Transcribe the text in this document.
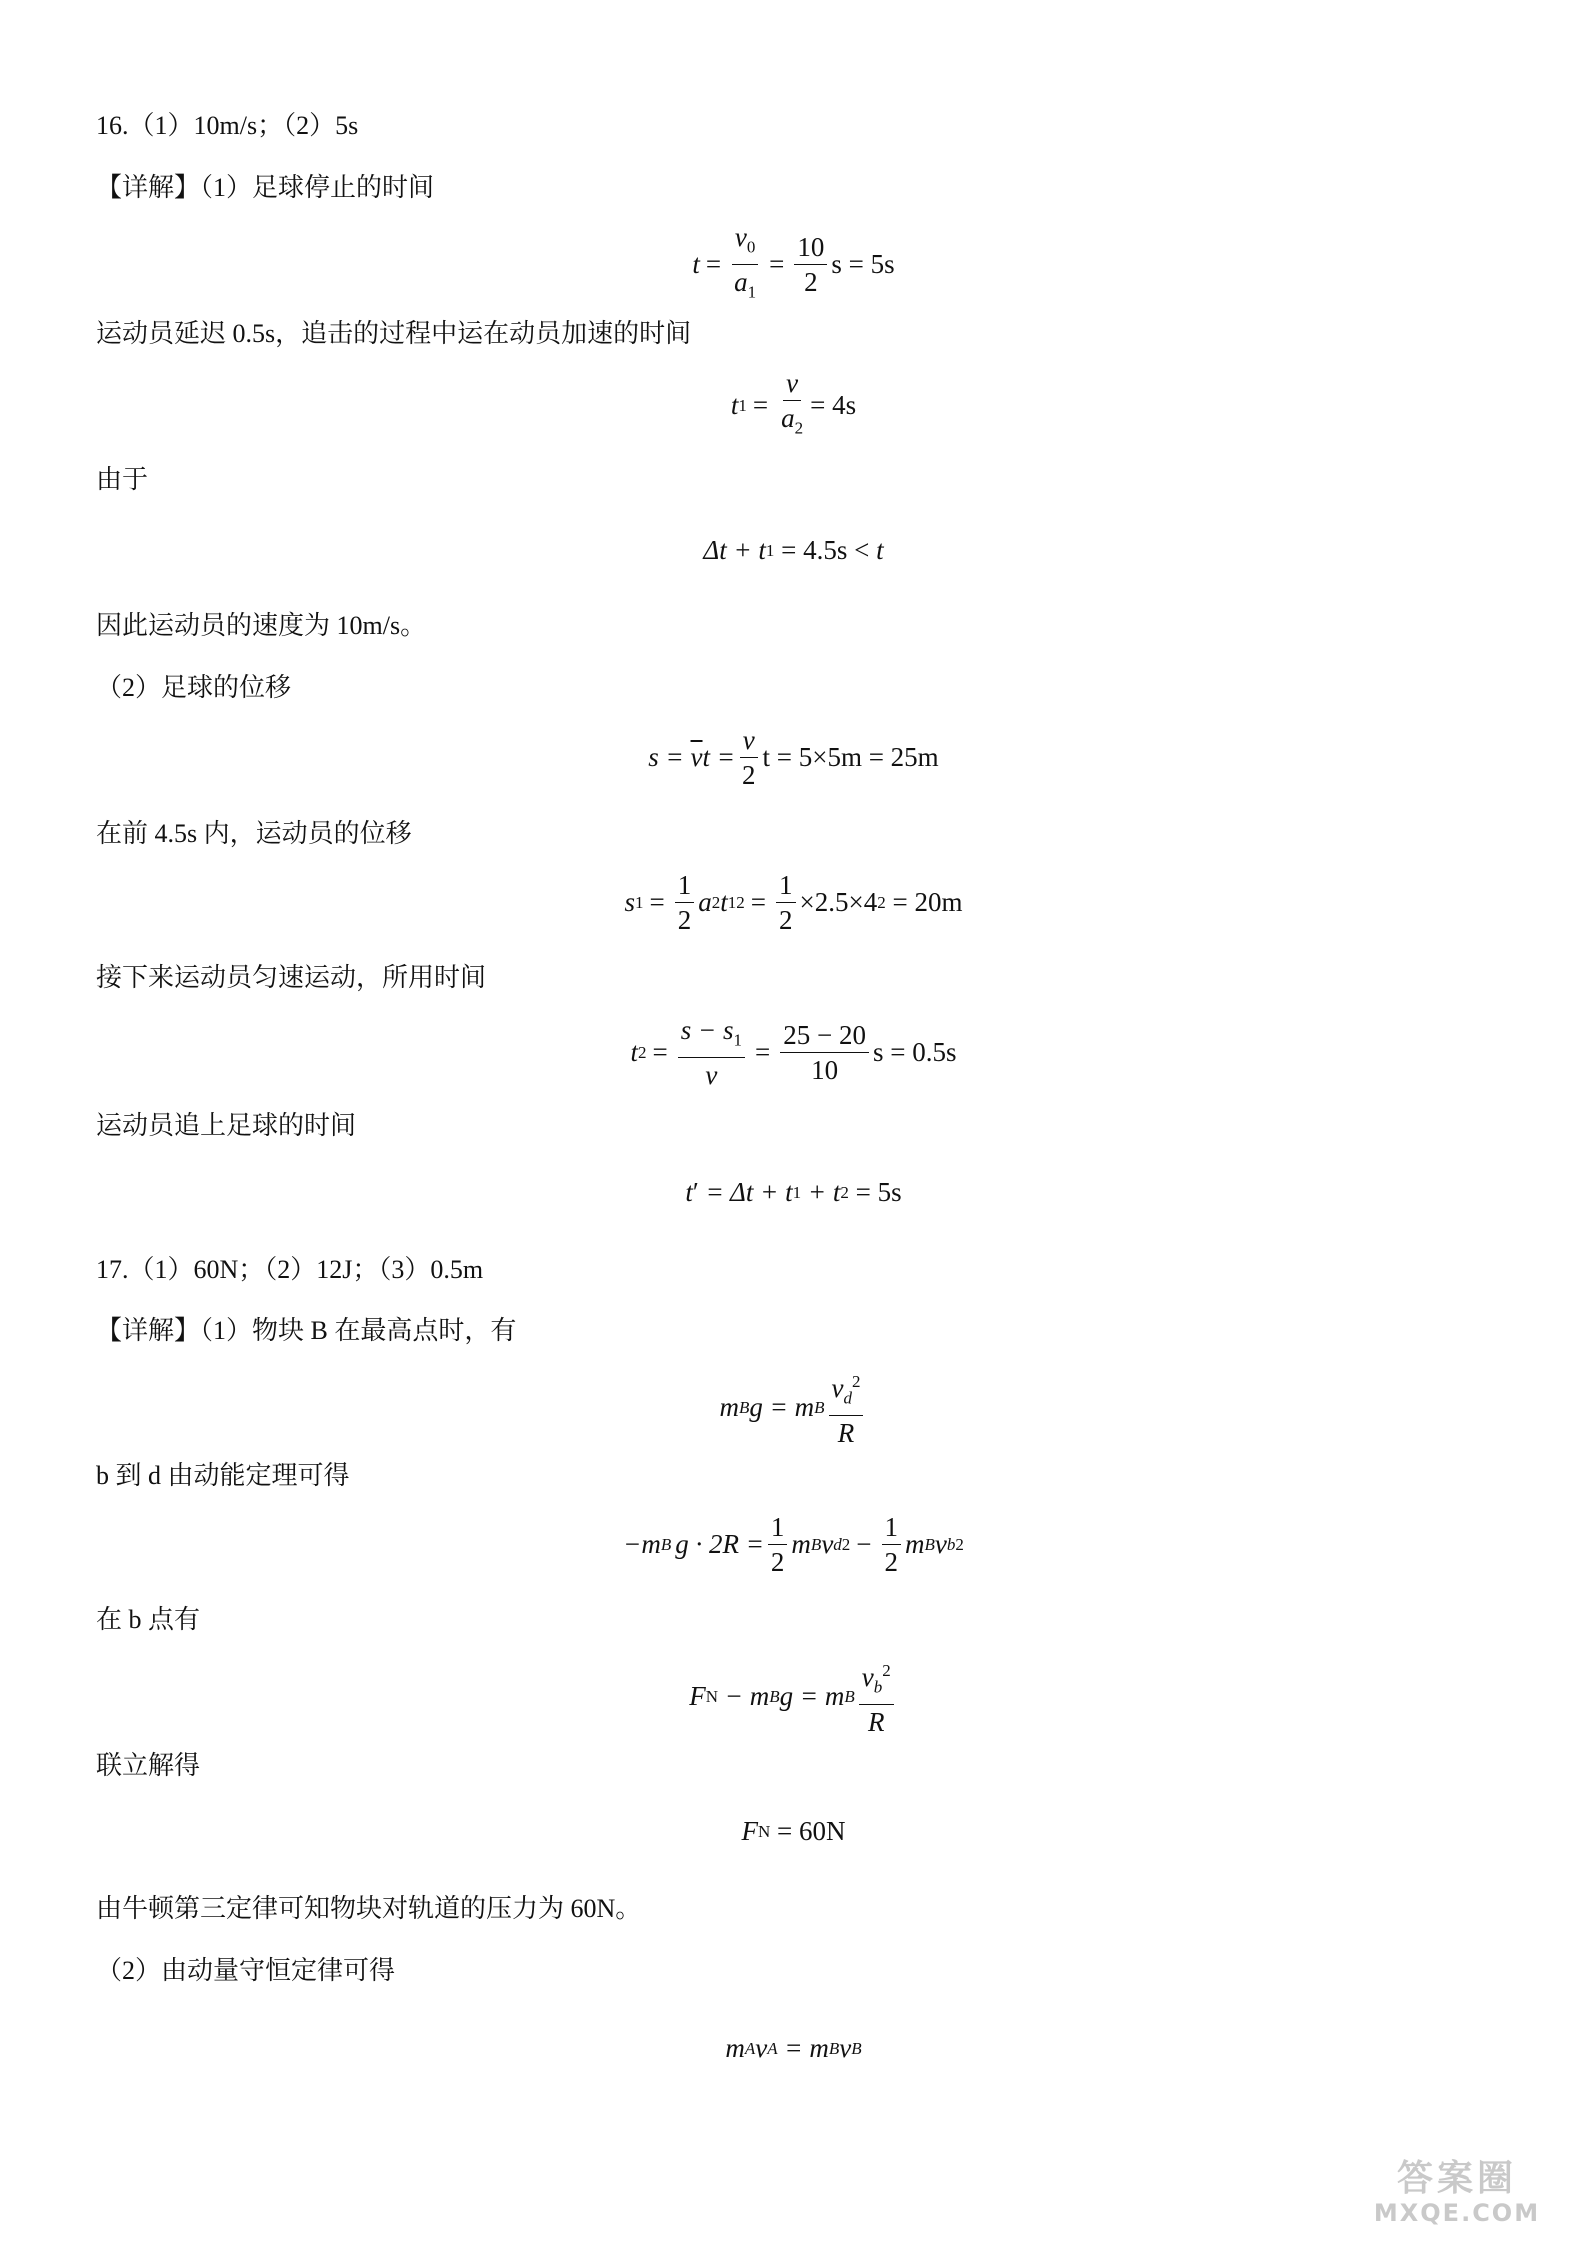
16.（1）10m/s；（2）5s
【详解】（1）足球停止的时间
$t = \frac{v_0}{a_1} = \frac{10}{2}$ s = 5s
运动员延迟 0.5s，追击的过程中运在动员加速的时间
t $1 = \frac{v}{a_2} = 4s$
由于
Δt + t 1 = 4.5s < t
因此运动员的速度为 10m/s。
（2）足球的位移
$s = \overline{v}$ $t = \frac{v}{2}$ t = 5×5m = 25m
在前 4.5s 内，运动员的位移
s $1 = \frac{1}{2}$ a 2 t 1 $2 = \frac{1}{2} \times 2.5\times 4$ 2 = 20m
接下来运动员匀速运动，所用时间
t $2 = \frac{s - s_1}{v} = \frac{25 - 20}{10}$ s = 0.5s
运动员追上足球的时间
t ′ = Δt + t 1 + t 2 = 5s
17.（1）60N；（2）12J；（3）0.5m
【详解】（1）物块 B 在最高点时，有
m B g = m B $\frac{v_d^2}{R}$
b 到 d 由动能定理可得
−m B $g \cdot 2R = \frac{1}{2}$ m B v d $2 - \frac{1}{2}$ m B v b 2
在 b 点有
F N − m B g = m B $\frac{v_b^2}{R}$
联立解得
F N = 60N
由牛顿第三定律可知物块对轨道的压力为 60N。
（2）由动量守恒定律可得
m A v A = m B v B
答案圈
MXQE.COM
